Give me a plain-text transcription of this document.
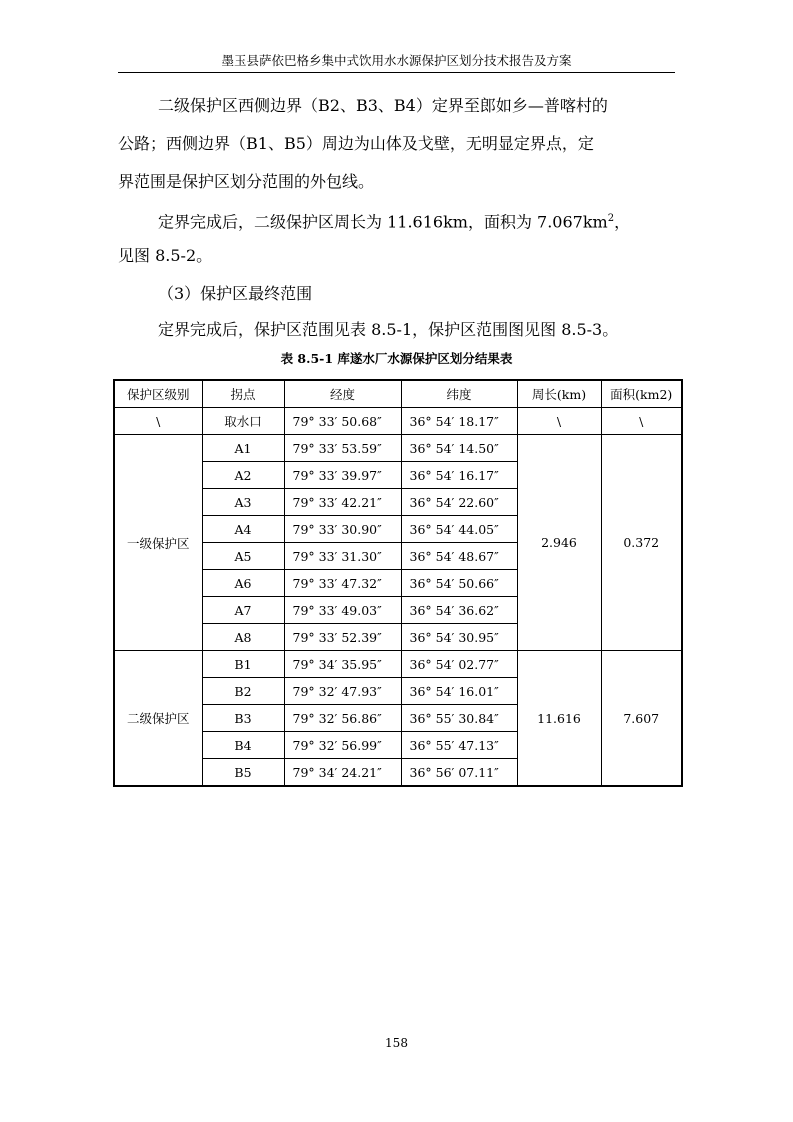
墨玉县萨依巴格乡集中式饮用水水源保护区划分技术报告及方案
二级保护区西侧边界（B2、B3、B4）定界至郎如乡—普喀村的
公路；西侧边界（B1、B5）周边为山体及戈壁，无明显定界点，定
界范围是保护区划分范围的外包线。
定界完成后，二级保护区周长为 11.616km，面积为 $7.067km^2$，
见图 8.5-2。
（3）保护区最终范围
定界完成后，保护区范围见表 8.5-1，保护区范围图见图 8.5-3。
表 8.5-1 库遂水厂水源保护区划分结果表
保护区级别	拐点	经度	纬度	周长(km)	面积(km2)
\	取水口	79° 33′ 50.68″	36° 54′ 18.17″	\	\
一级保护区	A1	79° 33′ 53.59″	36° 54′ 14.50″	2.946	0.372
	A2	79° 33′ 39.97″	36° 54′ 16.17″		
	A3	79° 33′ 42.21″	36° 54′ 22.60″		
	A4	79° 33′ 30.90″	36° 54′ 44.05″		
	A5	79° 33′ 31.30″	36° 54′ 48.67″		
	A6	79° 33′ 47.32″	36° 54′ 50.66″		
	A7	79° 33′ 49.03″	36° 54′ 36.62″		
	A8	79° 33′ 52.39″	36° 54′ 30.95″		
二级保护区	B1	79° 34′ 35.95″	36° 54′ 02.77″	11.616	7.607
	B2	79° 32′ 47.93″	36° 54′ 16.01″		
	B3	79° 32′ 56.86″	36° 55′ 30.84″		
	B4	79° 32′ 56.99″	36° 55′ 47.13″		
	B5	79° 34′ 24.21″	36° 56′ 07.11″		
158
